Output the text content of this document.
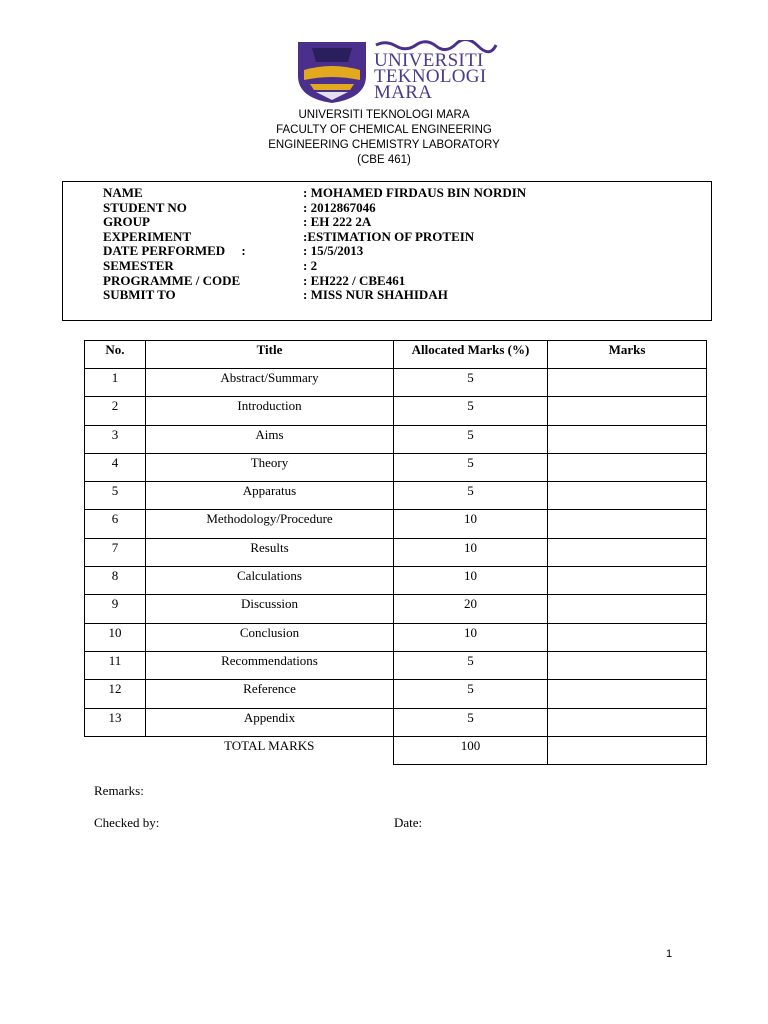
UNIVERSITI
TEKNOLOGI
MARA
UNIVERSITI TEKNOLOGI MARA
FACULTY OF CHEMICAL ENGINEERING
ENGINEERING CHEMISTRY LABORATORY
(CBE 461)
NAME	: MOHAMED FIRDAUS BIN NORDIN
STUDENT NO	: 2012867046
GROUP	: EH 222 2A
EXPERIMENT	:ESTIMATION OF PROTEIN
DATE PERFORMED     :	: 15/5/2013
SEMESTER	: 2
PROGRAMME / CODE	: EH222 / CBE461
SUBMIT TO	: MISS NUR SHAHIDAH
No.	Title	Allocated Marks (%)	Marks
1	Abstract/Summary	5	
2	Introduction	5	
3	Aims	5	
4	Theory	5	
5	Apparatus	5	
6	Methodology/Procedure	10	
7	Results	10	
8	Calculations	10	
9	Discussion	20	
10	Conclusion	10	
11	Recommendations	5	
12	Reference	5	
13	Appendix	5	
	TOTAL MARKS	100	
Remarks:
Checked by:	Date:
1
